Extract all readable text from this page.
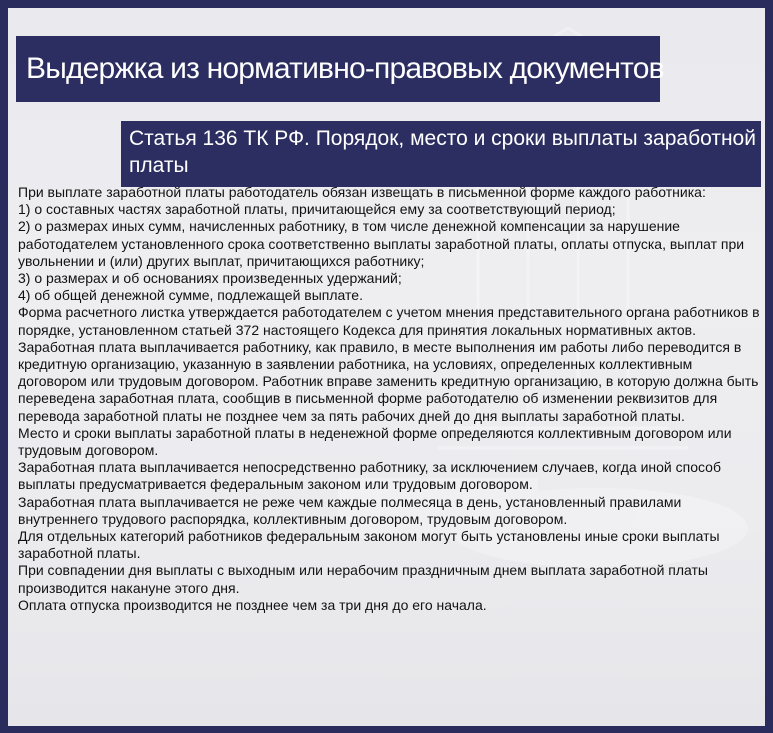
Выдержка из нормативно-правовых документов
Статья 136 ТК РФ. Порядок, место и сроки выплаты заработной платы

При выплате заработной платы работодатель обязан извещать в письменной форме каждого работника:

1) о составных частях заработной платы, причитающейся ему за соответствующий период;

2) о размерах иных сумм, начисленных работнику, в том числе денежной компенсации за нарушение работодателем установленного срока соответственно выплаты заработной платы, оплаты отпуска, выплат при увольнении и (или) других выплат, причитающихся работнику;

3) о размерах и об основаниях произведенных удержаний;

4) об общей денежной сумме, подлежащей выплате.

Форма расчетного листка утверждается работодателем с учетом мнения представительного органа работников в порядке, установленном статьей 372 настоящего Кодекса для принятия локальных нормативных актов.

Заработная плата выплачивается работнику, как правило, в месте выполнения им работы либо переводится в кредитную организацию, указанную в заявлении работника, на условиях, определенных коллективным договором или трудовым договором. Работник вправе заменить кредитную организацию, в которую должна быть переведена заработная плата, сообщив в письменной форме работодателю об изменении реквизитов для перевода заработной платы не позднее чем за пять рабочих дней до дня выплаты заработной платы.

Место и сроки выплаты заработной платы в неденежной форме определяются коллективным договором или трудовым договором.

Заработная плата выплачивается непосредственно работнику, за исключением случаев, когда иной способ выплаты предусматривается федеральным законом или трудовым договором.

Заработная плата выплачивается не реже чем каждые полмесяца в день, установленный правилами внутреннего трудового распорядка, коллективным договором, трудовым договором.

Для отдельных категорий работников федеральным законом могут быть установлены иные сроки выплаты заработной платы.

При совпадении дня выплаты с выходным или нерабочим праздничным днем выплата заработной платы производится накануне этого дня.

Оплата отпуска производится не позднее чем за три дня до его начала.
